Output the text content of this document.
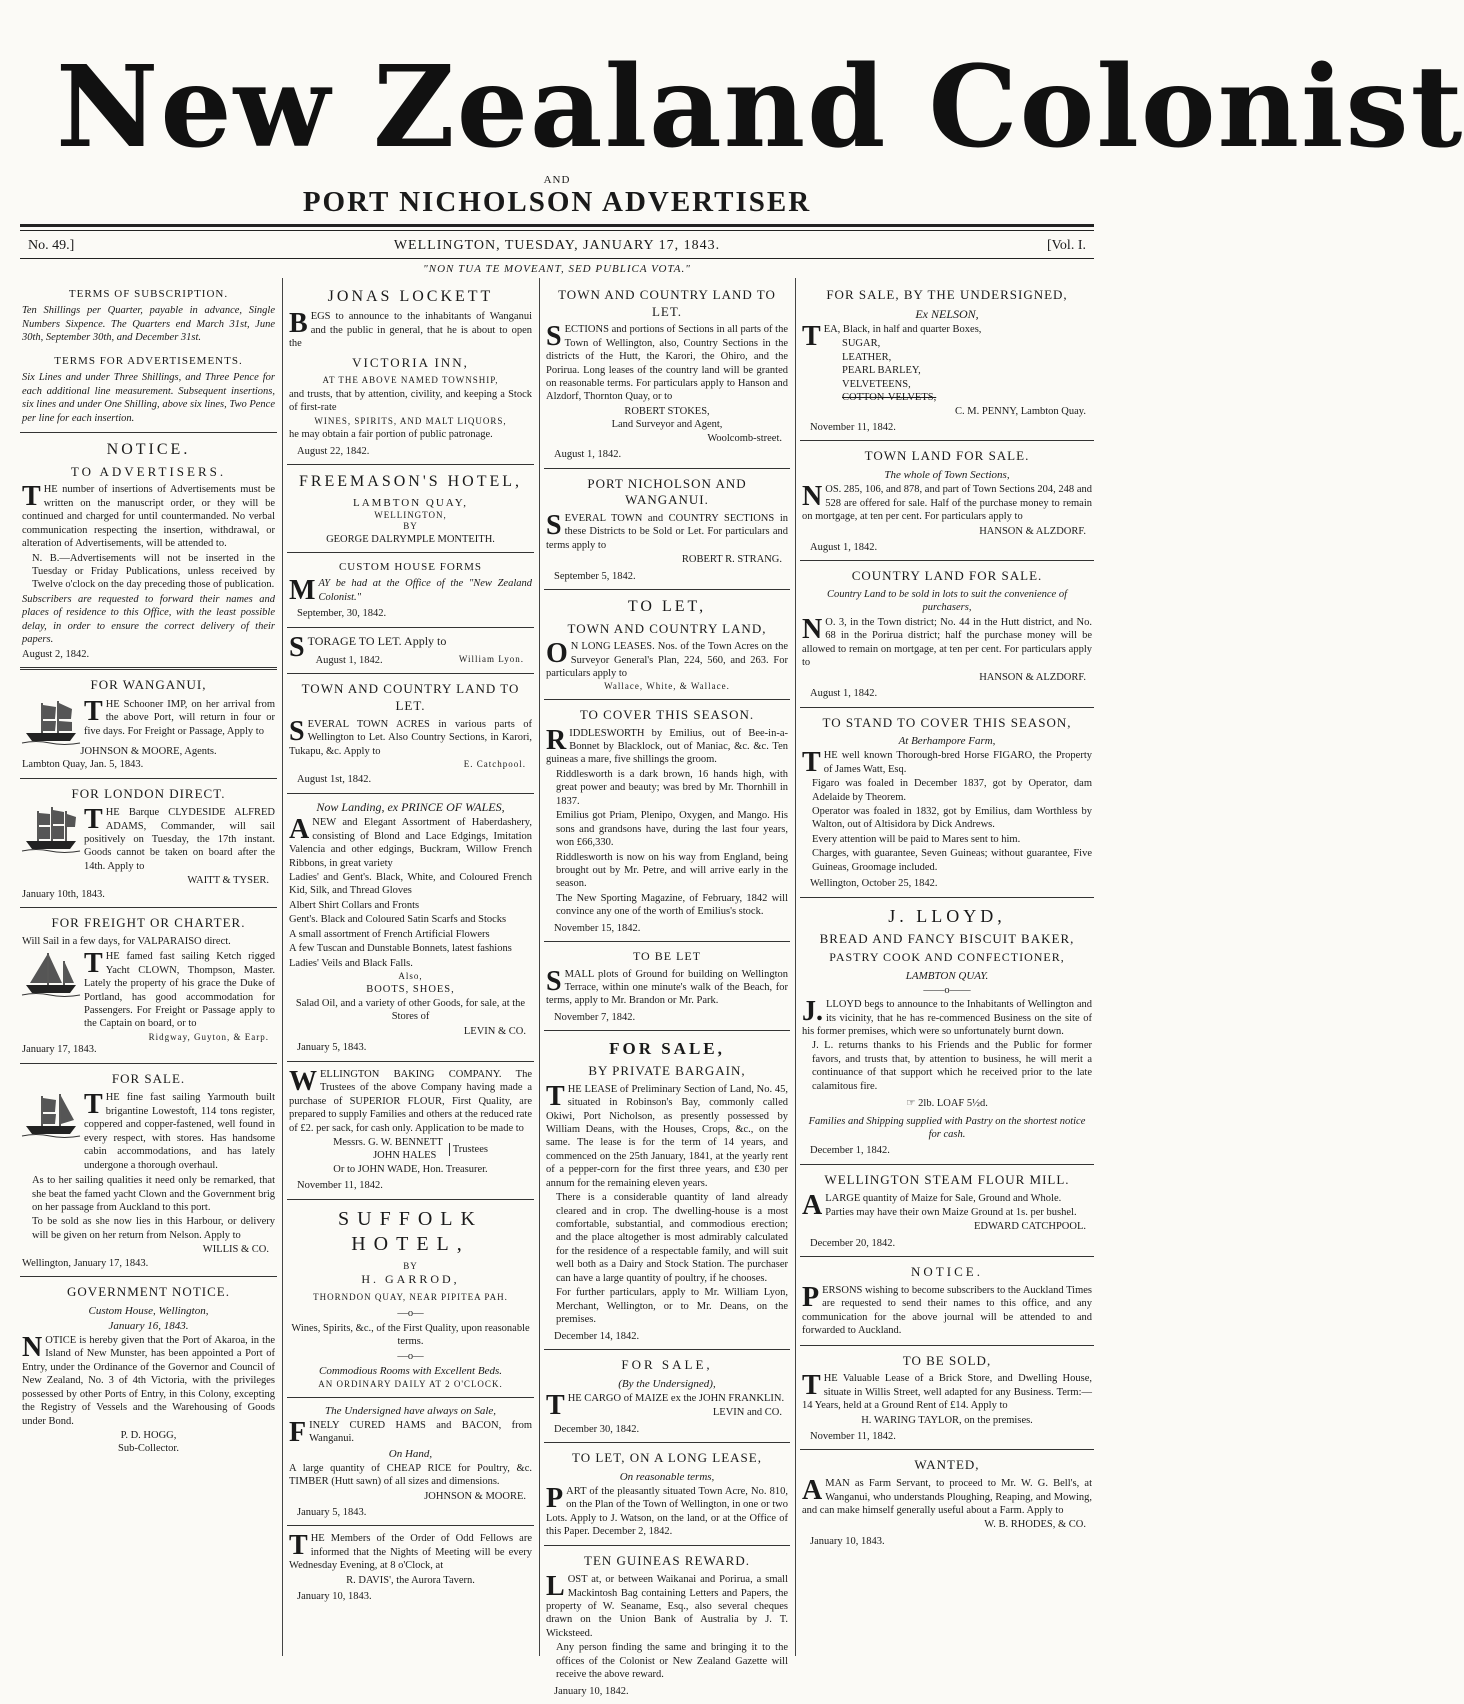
New Zealand Colonist
AND
PORT NICHOLSON ADVERTISER
No. 49.]	WELLINGTON, TUESDAY, JANUARY 17, 1843.	[Vol. I.
"NON TUA TE MOVEANT, SED PUBLICA VOTA."
TERMS OF SUBSCRIPTION.

Ten Shillings per Quarter, payable in advance, Single Numbers Sixpence. The Quarters end March 31st, June 30th, September 30th, and December 31st.

TERMS FOR ADVERTISEMENTS.

Six Lines and under Three Shillings, and Three Pence for each additional line measurement. Subsequent insertions, six lines and under One Shilling, above six lines, Two Pence per line for each insertion.

NOTICE.
TO ADVERTISERS.

THE number of insertions of Advertisements must be written on the manuscript order, or they will be continued and charged for until countermanded. No verbal communication respecting the insertion, withdrawal, or alteration of Advertisements, will be attended to.

N. B.—Advertisements will not be inserted in the Tuesday or Friday Publications, unless received by Twelve o'clock on the day preceding those of publication.

Subscribers are requested to forward their names and places of residence to this Office, with the least possible delay, in order to ensure the correct delivery of their papers.

August 2, 1842.
FOR WANGANUI,

THE Schooner IMP, on her arrival from the above Port, will return in four or five days. For Freight or Passage, Apply to

JOHNSON & MOORE, Agents.
Lambton Quay, Jan. 5, 1843.
FOR LONDON DIRECT.

THE Barque CLYDESIDE ALFRED ADAMS, Commander, will sail positively on Tuesday, the 17th instant. Goods cannot be taken on board after the 14th. Apply to

WAITT & TYSER.
January 10th, 1843.
FOR FREIGHT OR CHARTER.

Will Sail in a few days, for VALPARAISO direct.

THE famed fast sailing Ketch rigged Yacht CLOWN, Thompson, Master. Lately the property of his grace the Duke of Portland, has good accommodation for Passengers. For Freight or Passage apply to the Captain on board, or to

Ridgway, Guyton, & Earp.
January 17, 1843.
FOR SALE.

THE fine fast sailing Yarmouth built brigantine Lowestoft, 114 tons register, coppered and copper-fastened, well found in every respect, with stores. Has handsome cabin accommodations, and has lately undergone a thorough overhaul.

As to her sailing qualities it need only be remarked, that she beat the famed yacht Clown and the Government brig on her passage from Auckland to this port.

To be sold as she now lies in this Harbour, or delivery will be given on her return from Nelson. Apply to

WILLIS & CO.
Wellington, January 17, 1843.
GOVERNMENT NOTICE.
Custom House, Wellington,
January 16, 1843.

NOTICE is hereby given that the Port of Akaroa, in the Island of New Munster, has been appointed a Port of Entry, under the Ordinance of the Governor and Council of New Zealand, No. 3 of 4th Victoria, with the privileges possessed by other Ports of Entry, in this Colony, excepting the Registry of Vessels and the Warehousing of Goods under Bond.

P. D. HOGG,
Sub-Collector.
JONAS LOCKETT

BEGS to announce to the inhabitants of Wanganui and the public in general, that he is about to open the

VICTORIA INN,
AT THE ABOVE NAMED TOWNSHIP,

and trusts, that by attention, civility, and keeping a Stock of first-rate

WINES, SPIRITS, AND MALT LIQUORS,

he may obtain a fair portion of public patronage.

August 22, 1842.
FREEMASON'S HOTEL,
LAMBTON QUAY,
WELLINGTON,
BY
GEORGE DALRYMPLE MONTEITH.
CUSTOM HOUSE FORMS

MAY be had at the Office of the "New Zealand Colonist."

September, 30, 1842.

STORAGE TO LET. Apply to

August 1, 1842.	William Lyon.
TOWN AND COUNTRY LAND TO LET.

SEVERAL TOWN ACRES in various parts of Wellington to Let. Also Country Sections, in Karori, Tukapu, &c. Apply to

E. Catchpool.
August 1st, 1842.
Now Landing, ex PRINCE OF WALES,

ANEW and Elegant Assortment of Haberdashery, consisting of Blond and Lace Edgings, Imitation Valencia and other edgings, Buckram, Willow French Ribbons, in great variety

Ladies' and Gent's. Black, White, and Coloured French Kid, Silk, and Thread Gloves

Albert Shirt Collars and Fronts

Gent's. Black and Coloured Satin Scarfs and Stocks

A small assortment of French Artificial Flowers

A few Tuscan and Dunstable Bonnets, latest fashions

Ladies' Veils and Black Falls.

Also,
BOOTS, SHOES,

Salad Oil, and a variety of other Goods, for sale, at the Stores of

LEVIN & CO.
January 5, 1843.

WELLINGTON BAKING COMPANY. The Trustees of the above Company having made a purchase of SUPERIOR FLOUR, First Quality, are prepared to supply Families and others at the reduced rate of £2. per sack, for cash only. Application to be made to

Messrs. G. W. BENNETT
JOHN HALES
Trustees
Or to JOHN WADE, Hon. Treasurer.
November 11, 1842.
SUFFOLK HOTEL,
BY
H. GARROD,
THORNDON QUAY, NEAR PIPITEA PAH.
—o—

Wines, Spirits, &c., of the First Quality, upon reasonable terms.

—o—
Commodious Rooms with Excellent Beds.
AN ORDINARY DAILY AT 2 O'CLOCK.
The Undersigned have always on Sale,

FINELY CURED HAMS and BACON, from Wanganui.

On Hand,

A large quantity of CHEAP RICE for Poultry, &c. TIMBER (Hutt sawn) of all sizes and dimensions.

JOHNSON & MOORE.
January 5, 1843.

THE Members of the Order of Odd Fellows are informed that the Nights of Meeting will be every Wednesday Evening, at 8 o'Clock, at

R. DAVIS', the Aurora Tavern.
January 10, 1843.
TOWN AND COUNTRY LAND TO LET.

SECTIONS and portions of Sections in all parts of the Town of Wellington, also, Country Sections in the districts of the Hutt, the Karori, the Ohiro, and the Porirua. Long leases of the country land will be granted on reasonable terms. For particulars apply to Hanson and Alzdorf, Thornton Quay, or to

ROBERT STOKES,
Land Surveyor and Agent,
Woolcomb-street.
August 1, 1842.
PORT NICHOLSON AND WANGANUI.

SEVERAL TOWN and COUNTRY SECTIONS in these Districts to be Sold or Let. For particulars and terms apply to

ROBERT R. STRANG.
September 5, 1842.
TO LET,
TOWN AND COUNTRY LAND,

O N LONG LEASES. Nos. of the Town Acres on the Surveyor General's Plan, 224, 560, and 263. For particulars apply to

Wallace, White, & Wallace.
TO COVER THIS SEASON.

RIDDLESWORTH by Emilius, out of Bee-in-a-Bonnet by Blacklock, out of Maniac, &c. &c. Ten guineas a mare, five shillings the groom.

Riddlesworth is a dark brown, 16 hands high, with great power and beauty; was bred by Mr. Thornhill in 1837.

Emilius got Priam, Plenipo, Oxygen, and Mango. His sons and grandsons have, during the last four years, won £66,330.

Riddlesworth is now on his way from England, being brought out by Mr. Petre, and will arrive early in the season.

The New Sporting Magazine, of February, 1842 will convince any one of the worth of Emilius's stock.

November 15, 1842.
TO BE LET

SMALL plots of Ground for building on Wellington Terrace, within one minute's walk of the Beach, for terms, apply to Mr. Brandon or Mr. Park.

November 7, 1842.
FOR SALE,
BY PRIVATE BARGAIN,

THE LEASE of Preliminary Section of Land, No. 45, situated in Robinson's Bay, commonly called Okiwi, Port Nicholson, as presently possessed by William Deans, with the Houses, Crops, &c., on the same. The lease is for the term of 14 years, and commenced on the 25th January, 1841, at the yearly rent of a pepper-corn for the first three years, and £30 per annum for the remaining eleven years.

There is a considerable quantity of land already cleared and in crop. The dwelling-house is a most comfortable, substantial, and commodious erection; and the place altogether is most admirably calculated for the residence of a respectable family, and will suit well both as a Dairy and Stock Station. The purchaser can have a large quantity of poultry, if he chooses.

For further particulars, apply to Mr. William Lyon, Merchant, Wellington, or to Mr. Deans, on the premises.

December 14, 1842.
FOR SALE,
(By the Undersigned),

THE CARGO of MAIZE ex the JOHN FRANKLIN.

LEVIN and CO.
December 30, 1842.
TO LET, ON A LONG LEASE,
On reasonable terms,

PART of the pleasantly situated Town Acre, No. 810, on the Plan of the Town of Wellington, in one or two Lots. Apply to J. Watson, on the land, or at the Office of this Paper. December 2, 1842.

TEN GUINEAS REWARD.

LOST at, or between Waikanai and Porirua, a small Mackintosh Bag containing Letters and Papers, the property of W. Seaname, Esq., also several cheques drawn on the Union Bank of Australia by J. T. Wicksteed.

Any person finding the same and bringing it to the offices of the Colonist or New Zealand Gazette will receive the above reward.

January 10, 1842.
FOR SALE, BY THE UNDERSIGNED,
Ex NELSON,

TEA, Black, in half and quarter Boxes,

SUGAR,
LEATHER,
PEARL BARLEY,
VELVETEENS,
COTTON-VELVETS,
C. M. PENNY, Lambton Quay.
November 11, 1842.
TOWN LAND FOR SALE.
The whole of Town Sections,

NOS. 285, 106, and 878, and part of Town Sections 204, 248 and 528 are offered for sale. Half of the purchase money to remain on mortgage, at ten per cent. For particulars apply to

HANSON & ALZDORF.
August 1, 1842.
COUNTRY LAND FOR SALE.

Country Land to be sold in lots to suit the convenience of purchasers,

N O. 3, in the Town district; No. 44 in the Hutt district, and No. 68 in the Porirua district; half the purchase money will be allowed to remain on mortgage, at ten per cent. For particulars apply to

HANSON & ALZDORF.
August 1, 1842.
TO STAND TO COVER THIS SEASON,
At Berhampore Farm,

THE well known Thorough-bred Horse FIGARO, the Property of James Watt, Esq.

Figaro was foaled in December 1837, got by Operator, dam Adelaide by Theorem.

Operator was foaled in 1832, got by Emilius, dam Worthless by Walton, out of Altisidora by Dick Andrews.

Every attention will be paid to Mares sent to him.

Charges, with guarantee, Seven Guineas; without guarantee, Five Guineas, Groomage included.

Wellington, October 25, 1842.
J. LLOYD,
BREAD AND FANCY BISCUIT BAKER,
PASTRY COOK AND CONFECTIONER,
LAMBTON QUAY.
——o——

J. LLOYD begs to announce to the Inhabitants of Wellington and its vicinity, that he has re-commenced Business on the site of his former premises, which were so unfortunately burnt down.

J. L. returns thanks to his Friends and the Public for former favors, and trusts that, by attention to business, he will merit a continuance of that support which he received prior to the late calamitous fire.

☞ 2lb. LOAF 5½d.

Families and Shipping supplied with Pastry on the shortest notice for cash.

December 1, 1842.
WELLINGTON STEAM FLOUR MILL.

ALARGE quantity of Maize for Sale, Ground and Whole.

Parties may have their own Maize Ground at 1s. per bushel.

EDWARD CATCHPOOL.
December 20, 1842.
NOTICE.

PERSONS wishing to become subscribers to the Auckland Times are requested to send their names to this office, and any communication for the above journal will be attended to and forwarded to Auckland.

TO BE SOLD,

THE Valuable Lease of a Brick Store, and Dwelling House, situate in Willis Street, well adapted for any Business. Term:—14 Years, held at a Ground Rent of £14. Apply to

H. WARING TAYLOR, on the premises.
November 11, 1842.
WANTED,

AMAN as Farm Servant, to proceed to Mr. W. G. Bell's, at Wanganui, who understands Ploughing, Reaping, and Mowing, and can make himself generally useful about a Farm. Apply to

W. B. RHODES, & CO.
January 10, 1843.
